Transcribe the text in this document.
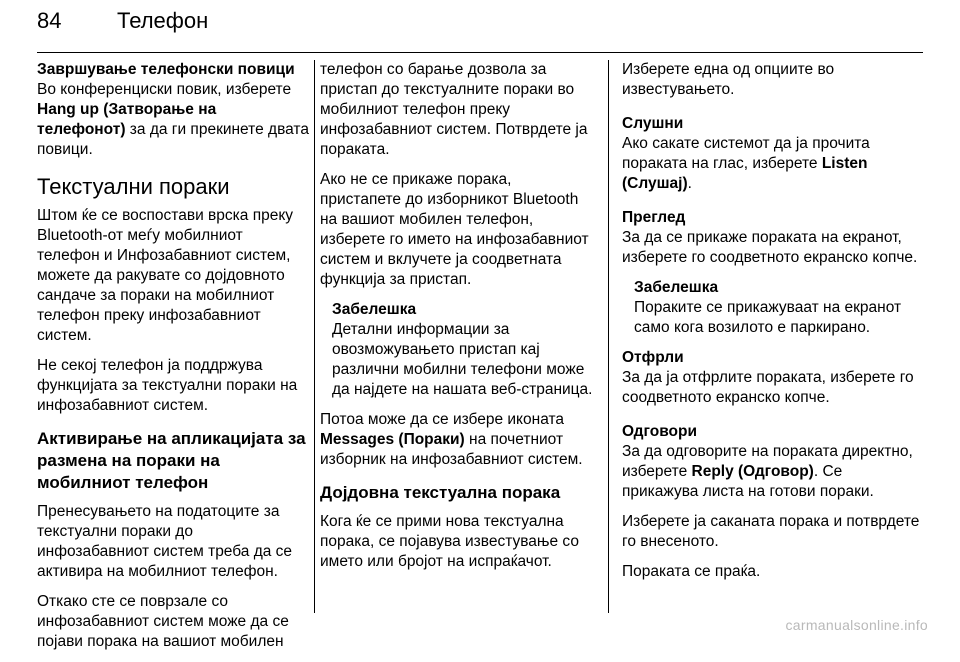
84	Телефон

Завршување телефонски повици

Во конференциски повик, изберете Hang up (Затворање на телефонот) за да ги прекинете двата повици.

Текстуални пораки

Штом ќе се воспостави врска преку Bluetooth-от меѓу мобилниот телефон и Инфозабавниот систем, можете да ракувате со дојдовното сандаче за пораки на мобилниот телефон преку инфозабавниот систем.

Не секој телефон ја поддржува функцијата за текстуални пораки на инфозабавниот систем.

Активирање на апликацијата за размена на пораки на мобилниот телефон

Пренесувањето на податоците за текстуални пораки до инфозабавниот систем треба да се активира на мобилниот телефон.

Откако сте се поврзале со инфозабавниот систем може да се појави порака на вашиот мобилен

телефон со барање дозвола за пристап до текстуалните пораки во мобилниот телефон преку инфозабавниот систем. Потврдете ја пораката.

Ако не се прикаже порака, пристапете до изборникот Bluetooth на вашиот мобилен телефон, изберете го името на инфозабавниот систем и вклучете ја соодветната функција за пристап.

Забелешка
Детални информации за овозможувањето пристап кај различни мобилни телефони може да најдете на нашата веб-страница.

Потоа може да се избере иконата Messages (Пораки) на почетниот изборник на инфозабавниот систем.

Дојдовна текстуална порака

Кога ќе се прими нова текстуална порака, се појавува известување со името или бројот на испраќачот.

Изберете една од опциите во известувањето.

Слушни

Ако сакате системот да ја прочита пораката на глас, изберете Listen (Слушај).

Преглед

За да се прикаже пораката на екранот, изберете го соодветното екранско копче.

Забелешка
Пораките се прикажуваат на екранот само кога возилото е паркирано.

Отфрли

За да ја отфрлите пораката, изберете го соодветното екранско копче.

Одговори

За да одговорите на пораката директно, изберете Reply (Одговор). Се прикажува листа на готови пораки.

Изберете ја саканата порака и потврдете го внесеното.

Пораката се праќа.

carmanualsonline.info
